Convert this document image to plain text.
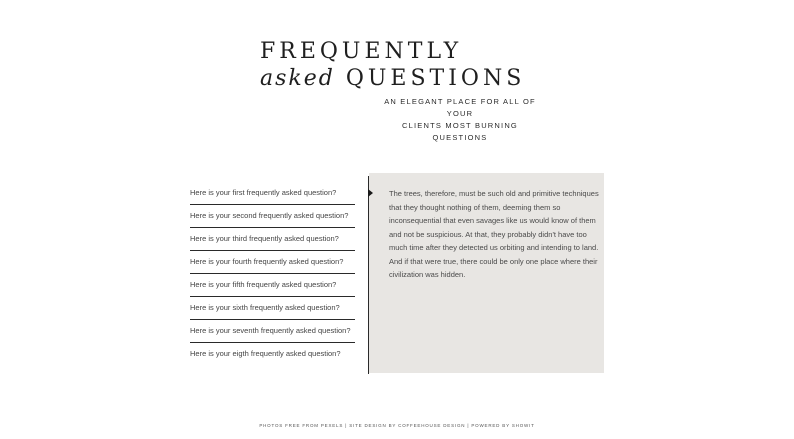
FREQUENTLY
asked QUESTIONS
AN ELEGANT PLACE FOR ALL OF YOUR
CLIENTS MOST BURNING QUESTIONS
Here is your first frequently asked question?
Here is your second frequently asked question?
Here is your third frequently asked question?
Here is your fourth frequently asked question?
Here is your fifth frequently asked question?
Here is your sixth frequently asked question?
Here is your seventh frequently asked question?
Here is your eigth frequently asked question?
The trees, therefore, must be such old and primitive techniques that they thought nothing of them, deeming them so inconsequential that even savages like us would know of them and not be suspicious. At that, they probably didn't have too much time after they detected us orbiting and intending to land. And if that were true, there could be only one place where their civilization was hidden.
PHOTOS FREE FROM PEXELS | SITE DESIGN BY COFFEEHOUSE DESIGN | POWERED BY SHOWIT
